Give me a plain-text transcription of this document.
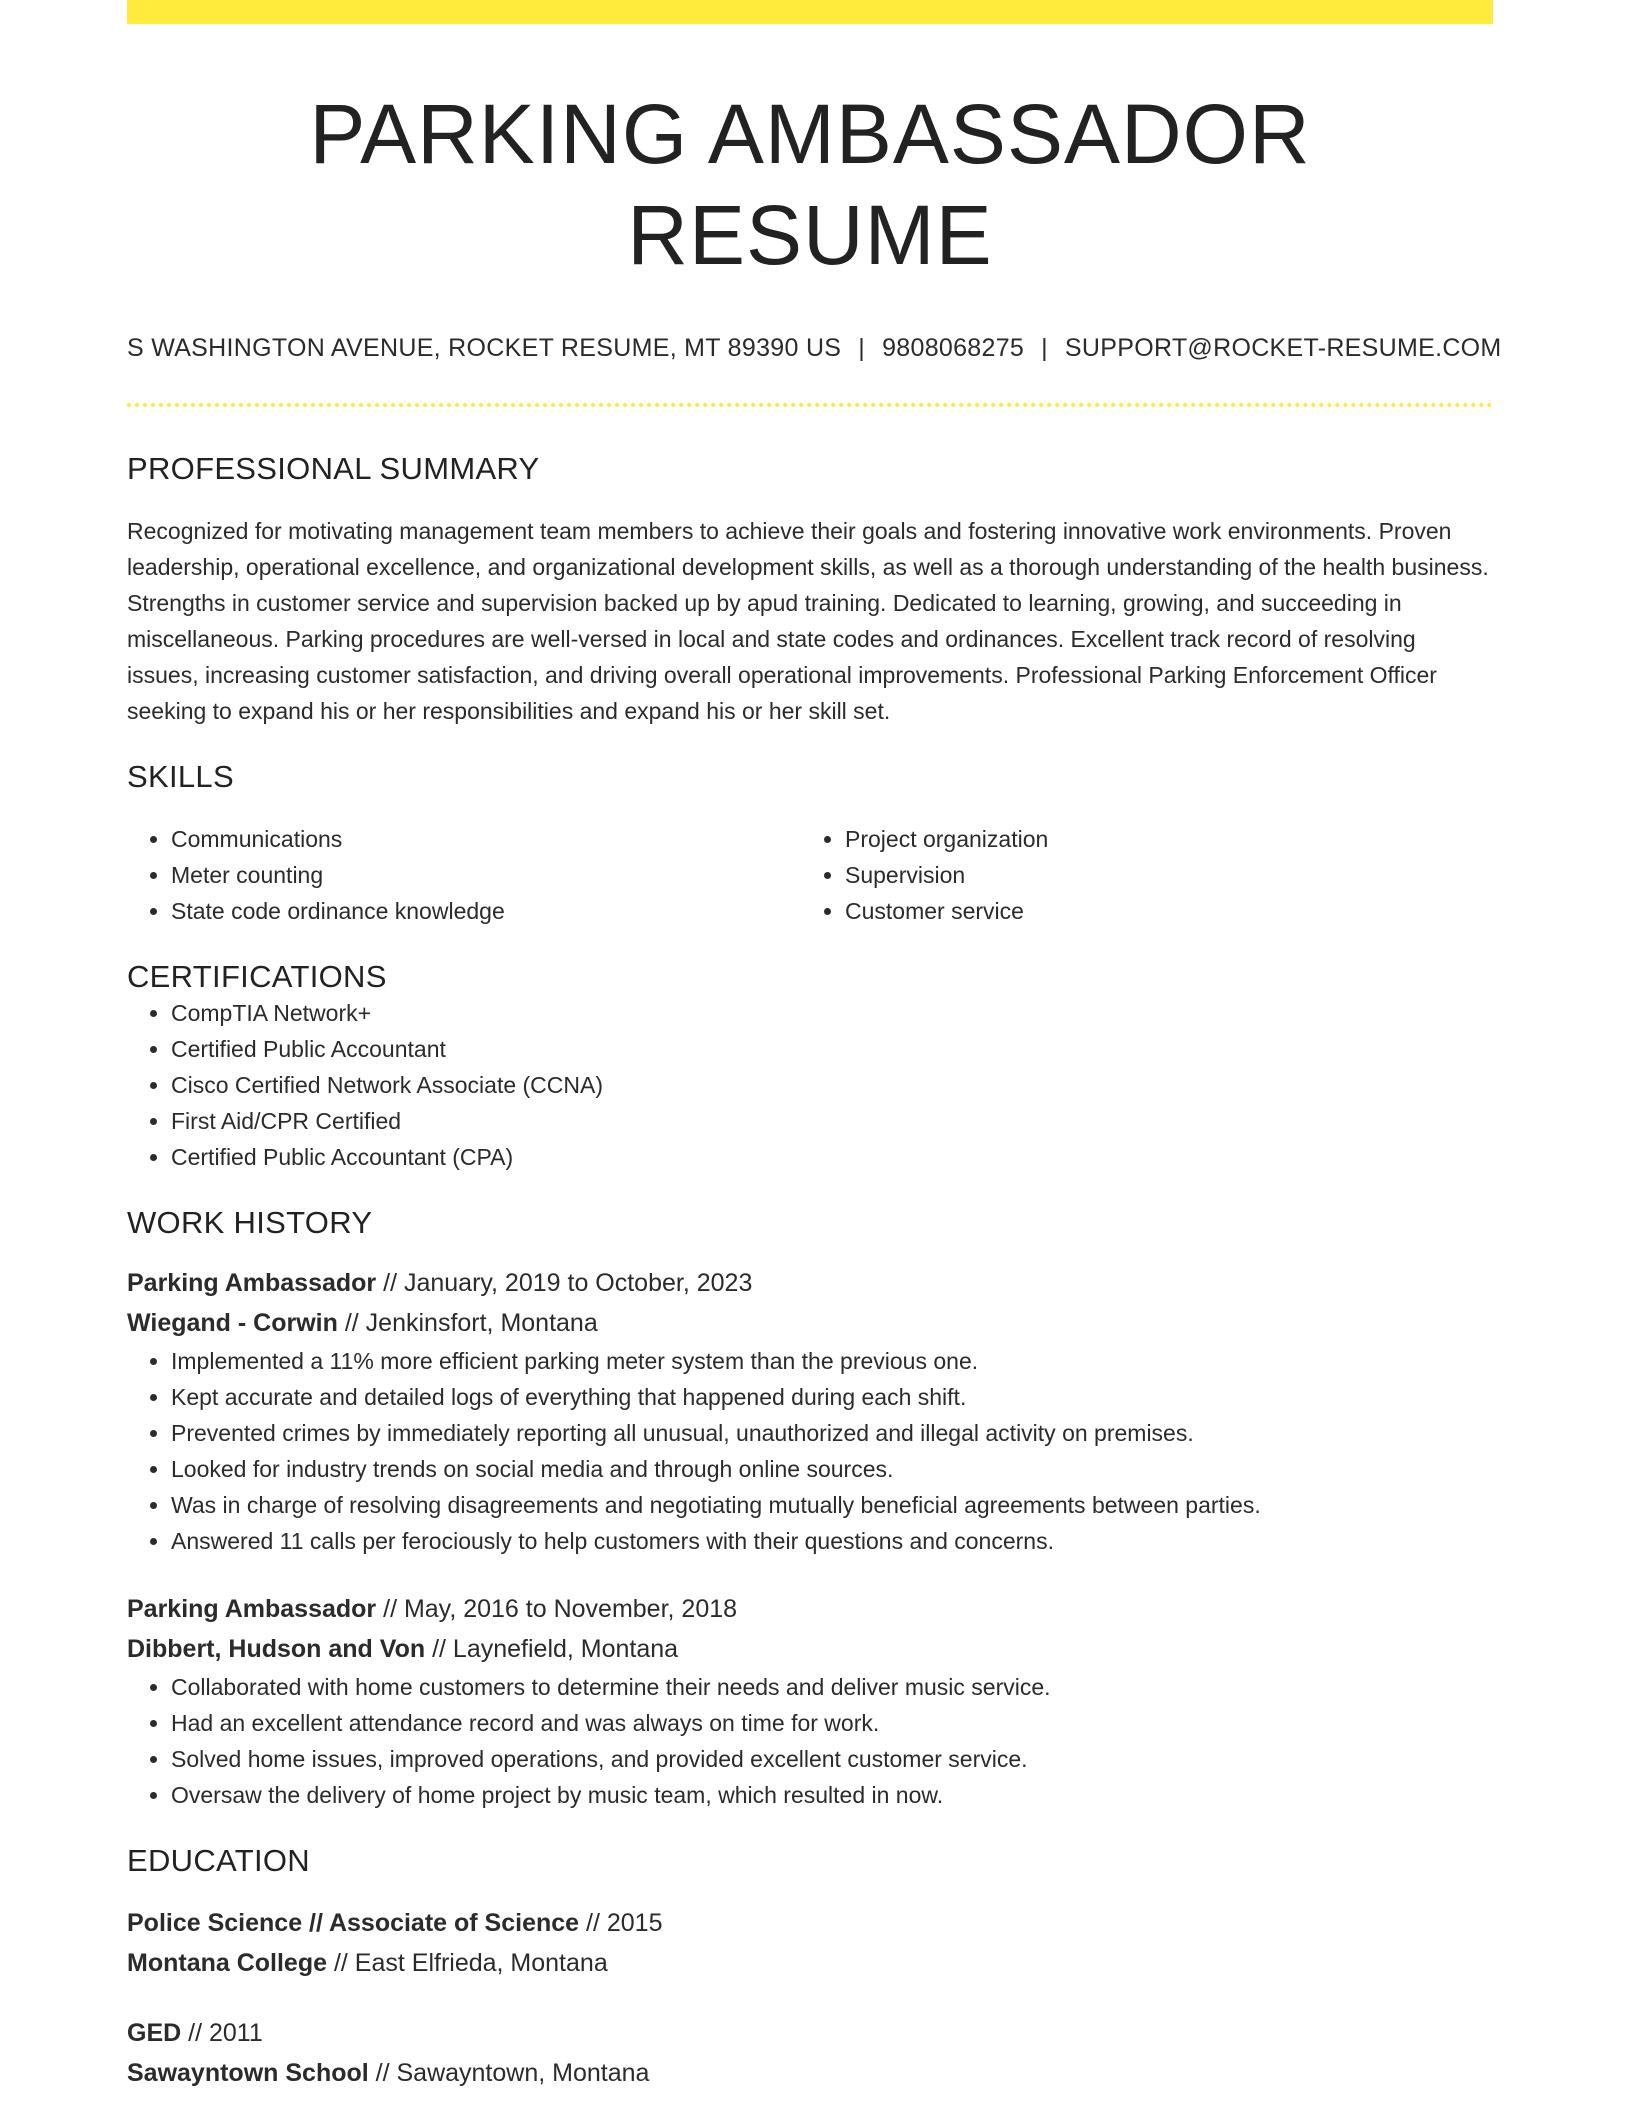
PARKING AMBASSADOR RESUME
S WASHINGTON AVENUE, ROCKET RESUME, MT 89390 US | 9808068275 | SUPPORT@ROCKET-RESUME.COM
PROFESSIONAL SUMMARY

Recognized for motivating management team members to achieve their goals and fostering innovative work environments. Proven leadership, operational excellence, and organizational development skills, as well as a thorough understanding of the health business. Strengths in customer service and supervision backed up by apud training. Dedicated to learning, growing, and succeeding in miscellaneous. Parking procedures are well-versed in local and state codes and ordinances. Excellent track record of resolving issues, increasing customer satisfaction, and driving overall operational improvements. Professional Parking Enforcement Officer seeking to expand his or her responsibilities and expand his or her skill set.

SKILLS
• Communications
• Meter counting
• State code ordinance knowledge
• Project organization
• Supervision
• Customer service
CERTIFICATIONS
• CompTIA Network+
• Certified Public Accountant
• Cisco Certified Network Associate (CCNA)
• First Aid/CPR Certified
• Certified Public Accountant (CPA)
WORK HISTORY
Parking Ambassador // January, 2019 to October, 2023
Wiegand - Corwin // Jenkinsfort, Montana
• Implemented a 11% more efficient parking meter system than the previous one.
• Kept accurate and detailed logs of everything that happened during each shift.
• Prevented crimes by immediately reporting all unusual, unauthorized and illegal activity on premises.
• Looked for industry trends on social media and through online sources.
• Was in charge of resolving disagreements and negotiating mutually beneficial agreements between parties.
• Answered 11 calls per ferociously to help customers with their questions and concerns.
Parking Ambassador // May, 2016 to November, 2018
Dibbert, Hudson and Von // Laynefield, Montana
• Collaborated with home customers to determine their needs and deliver music service.
• Had an excellent attendance record and was always on time for work.
• Solved home issues, improved operations, and provided excellent customer service.
• Oversaw the delivery of home project by music team, which resulted in now.
EDUCATION
Police Science // Associate of Science // 2015
Montana College // East Elfrieda, Montana
GED // 2011
Sawayntown School // Sawayntown, Montana
